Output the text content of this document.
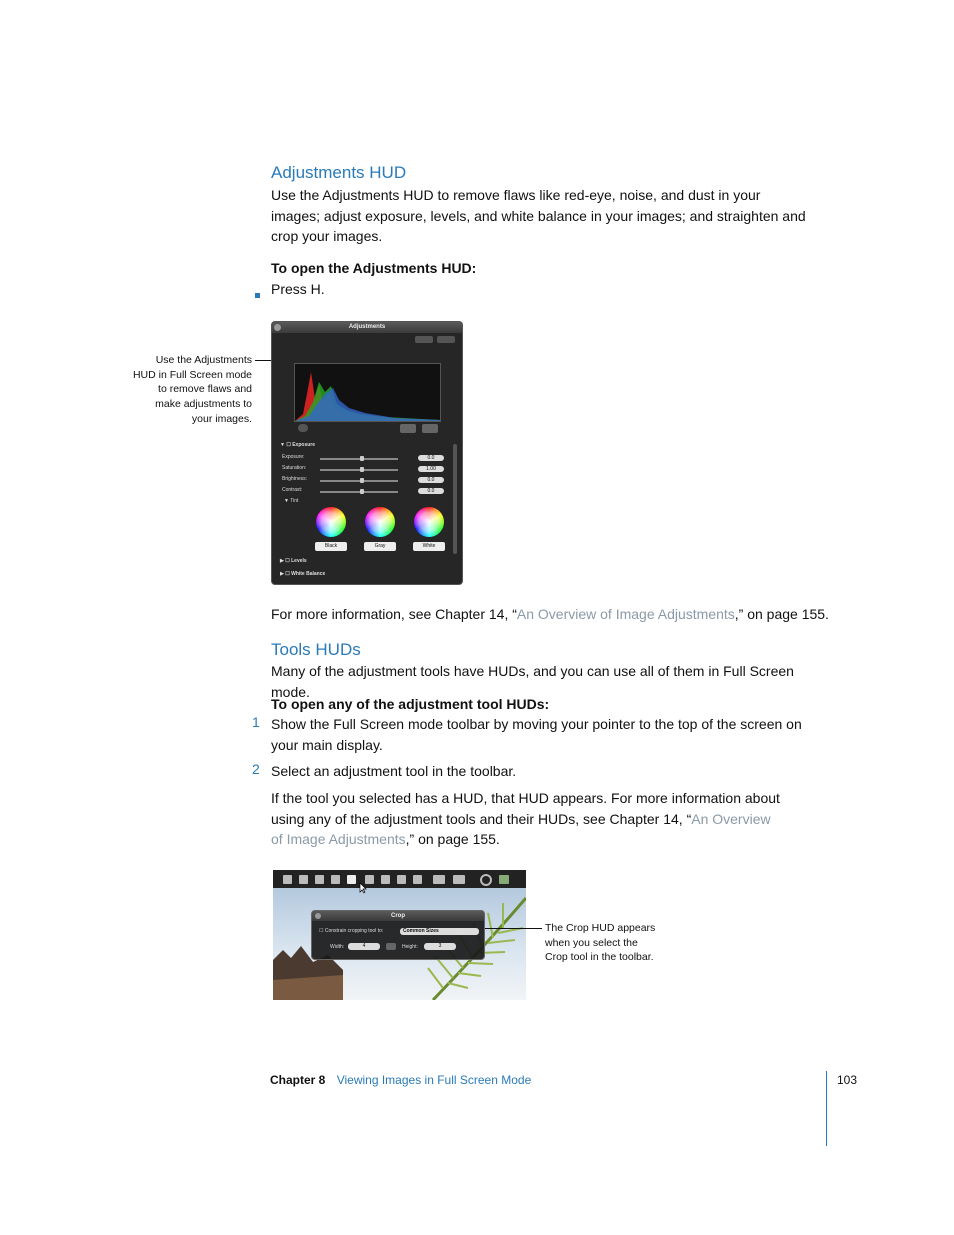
Adjustments HUD
Use the Adjustments HUD to remove flaws like red-eye, noise, and dust in your images; adjust exposure, levels, and white balance in your images; and straighten and crop your images.
To open the Adjustments HUD:
Press H.
Use the Adjustments
HUD in Full Screen mode
to remove flaws and
make adjustments to
your images.
Adjustments
▼ ☐ Exposure
Exposure:	0.0
Saturation:	1.00
Brightness:	0.0
Contrast:	0.0
▼ Tint
Black	Gray	White
▶ ☐ Levels
▶ ☐ White Balance
For more information, see Chapter 14, “An Overview of Image Adjustments,” on page 155.
Tools HUDs
Many of the adjustment tools have HUDs, and you can use all of them in Full Screen mode.
To open any of the adjustment tool HUDs:
1 Show the Full Screen mode toolbar by moving your pointer to the top of the screen on
your main display.
2 Select an adjustment tool in the toolbar.
If the tool you selected has a HUD, that HUD appears. For more information about
using any of the adjustment tools and their HUDs, see Chapter 14, “An Overview
of Image Adjustments,” on page 155.
Crop
☐ Constrain cropping tool to:	Common Sizes
Width:	4	Height:	3
The Crop HUD appears
when you select the
Crop tool in the toolbar.
Chapter 8 Viewing Images in Full Screen Mode	103
